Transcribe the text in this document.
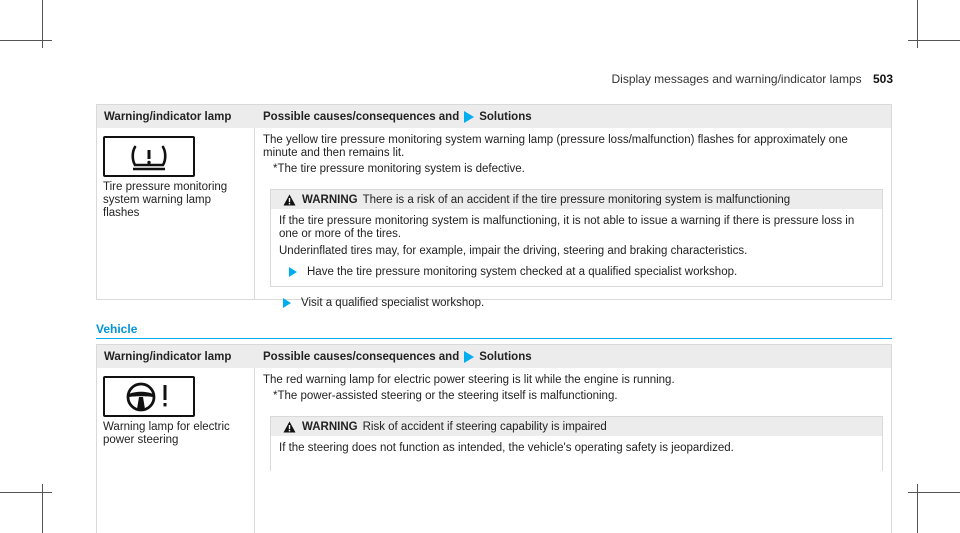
Display messages and warning/indicator lamps 503
Warning/indicator lamp	Possible causes/consequences and Solutions
Tire pressure monitoring system warning lamp flashes
The yellow tire pressure monitoring system warning lamp (pressure loss/malfunction) flashes for approximately one minute and then remains lit.
*The tire pressure monitoring system is defective.
WARNING There is a risk of an accident if the tire pressure monitoring system is malfunctioning
If the tire pressure monitoring system is malfunctioning, it is not able to issue a warning if there is pressure loss in one or more of the tires.
Underinflated tires may, for example, impair the driving, steering and braking characteristics.
Have the tire pressure monitoring system checked at a qualified specialist workshop.
Visit a qualified specialist workshop.
Vehicle
Warning/indicator lamp	Possible causes/consequences and Solutions
Warning lamp for electric power steering
The red warning lamp for electric power steering is lit while the engine is running.
*The power-assisted steering or the steering itself is malfunctioning.
WARNING Risk of accident if steering capability is impaired
If the steering does not function as intended, the vehicle's operating safety is jeopardized.
